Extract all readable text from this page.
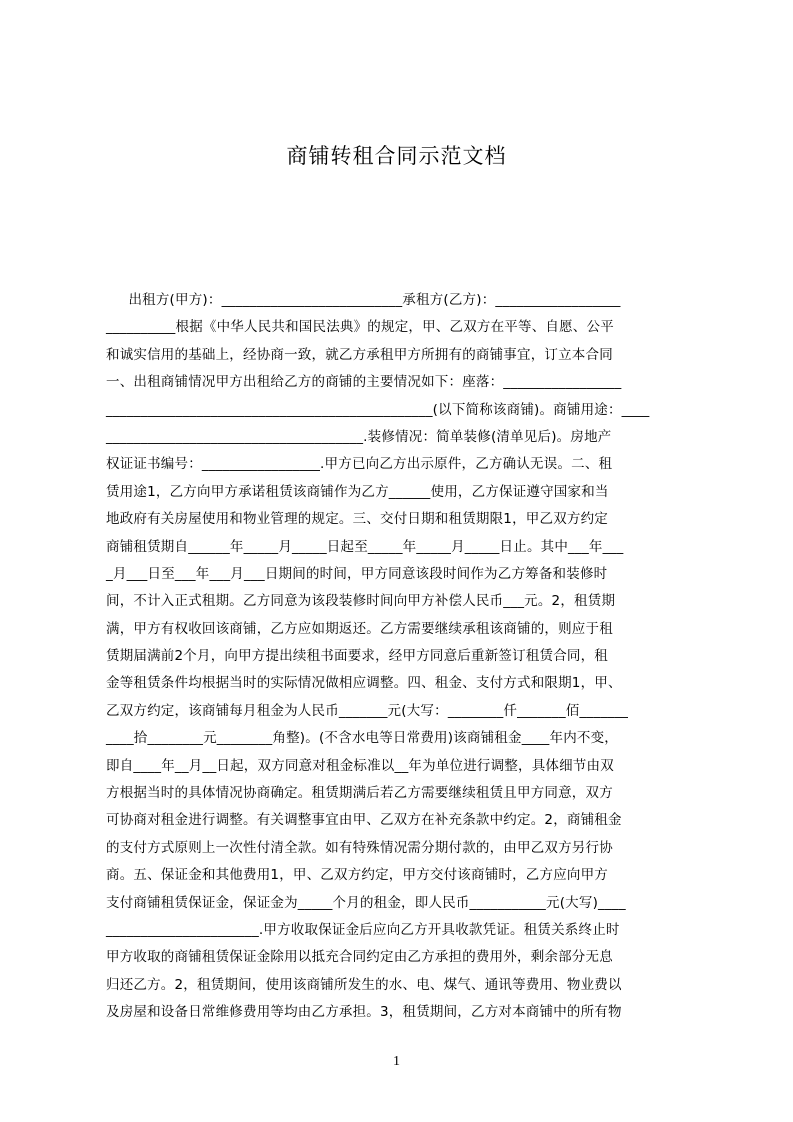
商铺转租合同示范文档
出租方(甲方)：__________________________承租方(乙方)：__________________
__________根据《中华人民共和国民法典》的规定，甲、乙双方在平等、自愿、公平
和诚实信用的基础上，经协商一致，就乙方承租甲方所拥有的商铺事宜，订立本合同
一、出租商铺情况甲方出租给乙方的商铺的主要情况如下：座落：_________________
_______________________________________________(以下简称该商铺)。商铺用途：____
_____________________________________.装修情况：简单装修(清单见后)。房地产
权证证书编号：_________________.甲方已向乙方出示原件，乙方确认无误。二、租
赁用途1，乙方向甲方承诺租赁该商铺作为乙方______使用，乙方保证遵守国家和当
地政府有关房屋使用和物业管理的规定。三、交付日期和租赁期限1，甲乙双方约定
商铺租赁期自______年_____月_____日起至_____年_____月_____日止。其中___年___
_月___日至___年___月___日期间的时间，甲方同意该段时间作为乙方筹备和装修时
间，不计入正式租期。乙方同意为该段装修时间向甲方补偿人民币___元。2，租赁期
满，甲方有权收回该商铺，乙方应如期返还。乙方需要继续承租该商铺的，则应于租
赁期届满前2个月，向甲方提出续租书面要求，经甲方同意后重新签订租赁合同，租
金等租赁条件均根据当时的实际情况做相应调整。四、租金、支付方式和限期1，甲、
乙双方约定，该商铺每月租金为人民币_______元(大写：________仟_______佰_______
____拾________元________角整)。(不含水电等日常费用)该商铺租金____年内不变，
即自____年__月__日起，双方同意对租金标准以__年为单位进行调整，具体细节由双
方根据当时的具体情况协商确定。租赁期满后若乙方需要继续租赁且甲方同意，双方
可协商对租金进行调整。有关调整事宜由甲、乙双方在补充条款中约定。2，商铺租金
的支付方式原则上一次性付清全款。如有特殊情况需分期付款的，由甲乙双方另行协
商。五、保证金和其他费用1，甲、乙双方约定，甲方交付该商铺时，乙方应向甲方
支付商铺租赁保证金，保证金为_____个月的租金，即人民币___________元(大写)____
______________________.甲方收取保证金后应向乙方开具收款凭证。租赁关系终止时
甲方收取的商铺租赁保证金除用以抵充合同约定由乙方承担的费用外，剩余部分无息
归还乙方。2，租赁期间，使用该商铺所发生的水、电、煤气、通讯等费用、物业费以
及房屋和设备日常维修费用等均由乙方承担。3，租赁期间，乙方对本商铺中的所有物
1
